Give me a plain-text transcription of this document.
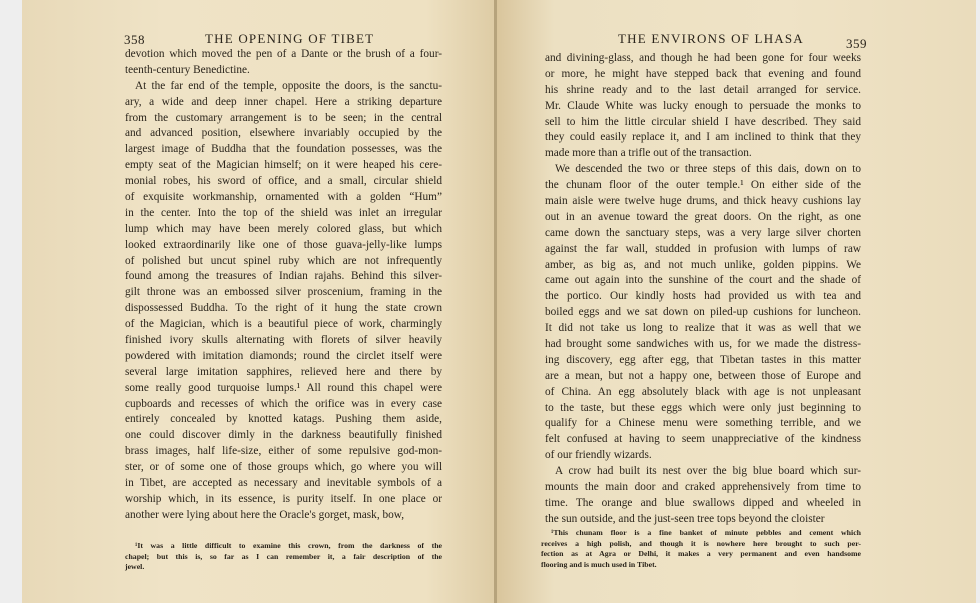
358	THE OPENING OF TIBET
devotion which moved the pen of a Dante or the brush of a four-
teenth-century Benedictine.
At the far end of the temple, opposite the doors, is the sanctu-
ary, a wide and deep inner chapel. Here a striking departure
from the customary arrangement is to be seen; in the central
and advanced position, elsewhere invariably occupied by the
largest image of Buddha that the foundation possesses, was the
empty seat of the Magician himself; on it were heaped his cere-
monial robes, his sword of office, and a small, circular shield
of exquisite workmanship, ornamented with a golden “Hum”
in the center. Into the top of the shield was inlet an irregular
lump which may have been merely colored glass, but which
looked extraordinarily like one of those guava-jelly-like lumps
of polished but uncut spinel ruby which are not infrequently
found among the treasures of Indian rajahs. Behind this silver-
gilt throne was an embossed silver proscenium, framing in the
dispossessed Buddha. To the right of it hung the state crown
of the Magician, which is a beautiful piece of work, charmingly
finished ivory skulls alternating with florets of silver heavily
powdered with imitation diamonds; round the circlet itself were
several large imitation sapphires, relieved here and there by
some really good turquoise lumps.¹ All round this chapel were
cupboards and recesses of which the orifice was in every case
entirely concealed by knotted katags. Pushing them aside,
one could discover dimly in the darkness beautifully finished
brass images, half life-size, either of some repulsive god-mon-
ster, or of some one of those groups which, go where you will
in Tibet, are accepted as necessary and inevitable symbols of a
worship which, in its essence, is purity itself. In one place or
another were lying about here the Oracle's gorget, mask, bow,
¹It was a little difficult to examine this crown, from the darkness of the
chapel; but this is, so far as I can remember it, a fair description of the
jewel.
THE ENVIRONS OF LHASA	359
and divining-glass, and though he had been gone for four weeks
or more, he might have stepped back that evening and found
his shrine ready and to the last detail arranged for service.
Mr. Claude White was lucky enough to persuade the monks to
sell to him the little circular shield I have described. They said
they could easily replace it, and I am inclined to think that they
made more than a trifle out of the transaction.
We descended the two or three steps of this dais, down on to
the chunam floor of the outer temple.¹ On either side of the
main aisle were twelve huge drums, and thick heavy cushions lay
out in an avenue toward the great doors. On the right, as one
came down the sanctuary steps, was a very large silver chorten
against the far wall, studded in profusion with lumps of raw
amber, as big as, and not much unlike, golden pippins. We
came out again into the sunshine of the court and the shade of
the portico. Our kindly hosts had provided us with tea and
boiled eggs and we sat down on piled-up cushions for luncheon.
It did not take us long to realize that it was as well that we
had brought some sandwiches with us, for we made the distress-
ing discovery, egg after egg, that Tibetan tastes in this matter
are a mean, but not a happy one, between those of Europe and
of China. An egg absolutely black with age is not unpleasant
to the taste, but these eggs which were only just beginning to
qualify for a Chinese menu were something terrible, and we
felt confused at having to seem unappreciative of the kindness
of our friendly wizards.
A crow had built its nest over the big blue board which sur-
mounts the main door and craked apprehensively from time to
time. The orange and blue swallows dipped and wheeled in
the sun outside, and the just-seen tree tops beyond the cloister
¹This chunam floor is a fine banket of minute pebbles and cement which
receives a high polish, and though it is nowhere here brought to such per-
fection as at Agra or Delhi, it makes a very permanent and even handsome
flooring and is much used in Tibet.
